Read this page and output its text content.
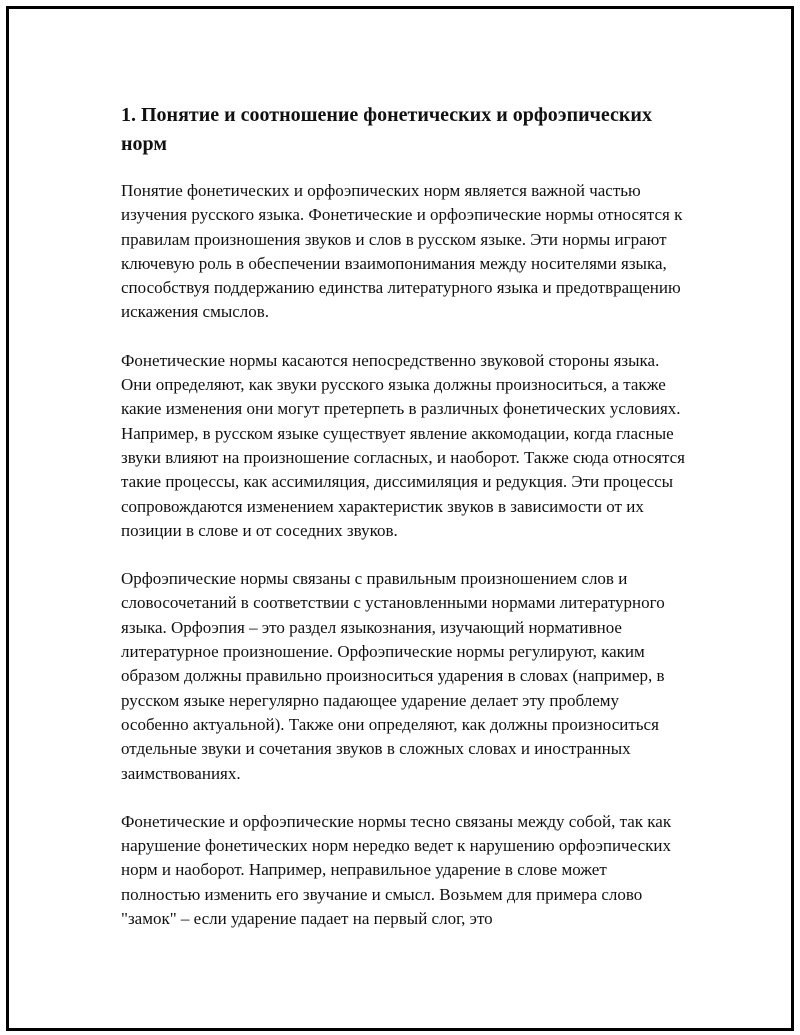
1. Понятие и соотношение фонетических и орфоэпических норм

Понятие фонетических и орфоэпических норм является важной частью изучения русского языка. Фонетические и орфоэпические нормы относятся к правилам произношения звуков и слов в русском языке. Эти нормы играют ключевую роль в обеспечении взаимопонимания между носителями языка, способствуя поддержанию единства литературного языка и предотвращению искажения смыслов.

Фонетические нормы касаются непосредственно звуковой стороны языка. Они определяют, как звуки русского языка должны произноситься, а также какие изменения они могут претерпеть в различных фонетических условиях. Например, в русском языке существует явление аккомодации, когда гласные звуки влияют на произношение согласных, и наоборот. Также сюда относятся такие процессы, как ассимиляция, диссимиляция и редукция. Эти процессы сопровождаются изменением характеристик звуков в зависимости от их позиции в слове и от соседних звуков.

Орфоэпические нормы связаны с правильным произношением слов и словосочетаний в соответствии с установленными нормами литературного языка. Орфоэпия – это раздел языкознания, изучающий нормативное литературное произношение. Орфоэпические нормы регулируют, каким образом должны правильно произноситься ударения в словах (например, в русском языке нерегулярно падающее ударение делает эту проблему особенно актуальной). Также они определяют, как должны произноситься отдельные звуки и сочетания звуков в сложных словах и иностранных заимствованиях.

Фонетические и орфоэпические нормы тесно связаны между собой, так как нарушение фонетических норм нередко ведет к нарушению орфоэпических норм и наоборот. Например, неправильное ударение в слове может полностью изменить его звучание и смысл. Возьмем для примера слово "замок" – если ударение падает на первый слог, это
